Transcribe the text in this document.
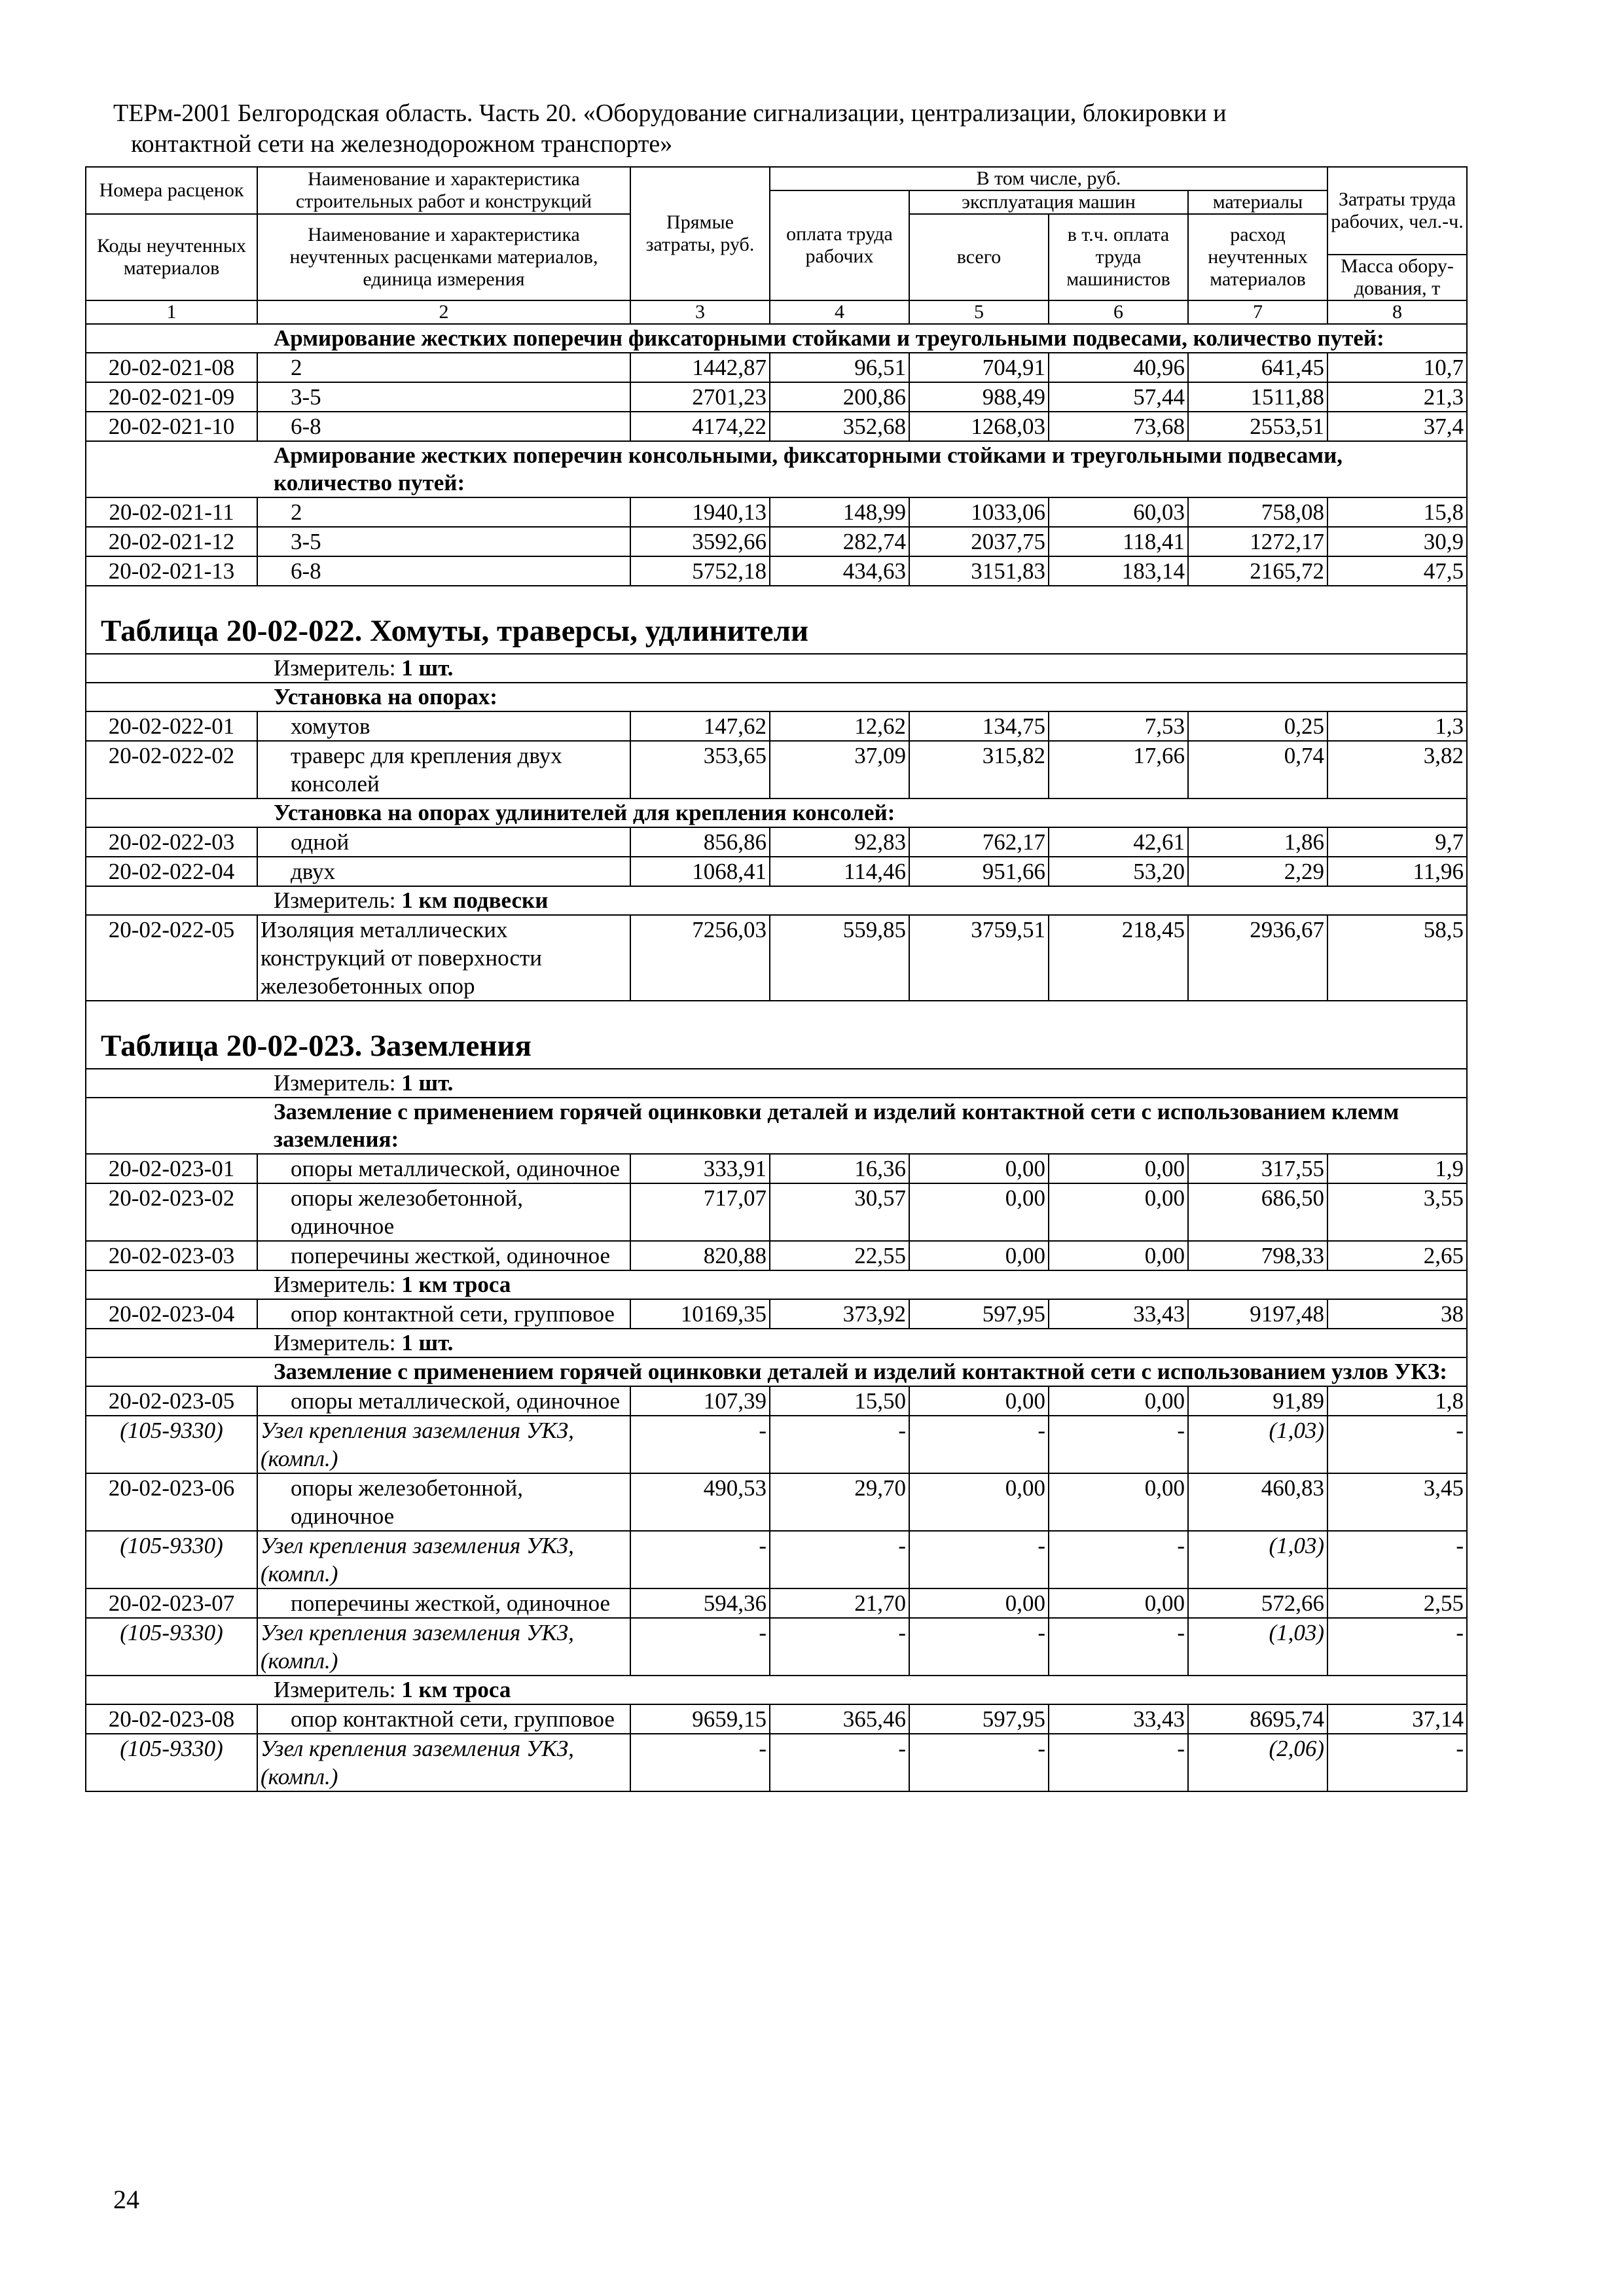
ТЕРм-2001 Белгородская область. Часть 20. «Оборудование сигнализации, централизации, блокировки и
контактной сети на железнодорожном транспорте»
Номера расценок	Наименование и характеристика строительных работ и конструкций	Прямые затраты, руб.	В том числе, руб.				Затраты труда рабочих, чел.-ч.
			оплата труда рабочих	эксплуатация машин		материалы	
Коды неучтенных материалов	Наименование и характеристика неучтенных расценками материалов, единица измерения			всего	в т.ч. оплата труда машинистов	расход неучтенных материалов	
							Масса обору-дования, т
1	2	3	4	5	6	7	8
Армирование жестких поперечин фиксаторными стойками и треугольными подвесами, количество путей:							
20-02-021-08	2	1442,87	96,51	704,91	40,96	641,45	10,7
20-02-021-09	3-5	2701,23	200,86	988,49	57,44	1511,88	21,3
20-02-021-10	6-8	4174,22	352,68	1268,03	73,68	2553,51	37,4
Армирование жестких поперечин консольными, фиксаторными стойками и треугольными подвесами, количество путей:							
20-02-021-11	2	1940,13	148,99	1033,06	60,03	758,08	15,8
20-02-021-12	3-5	3592,66	282,74	2037,75	118,41	1272,17	30,9
20-02-021-13	6-8	5752,18	434,63	3151,83	183,14	2165,72	47,5
Таблица 20-02-022. Хомуты, траверсы, удлинители							
Измеритель: 1 шт.							
Установка на опорах:							
20-02-022-01	хомутов	147,62	12,62	134,75	7,53	0,25	1,3
20-02-022-02	траверс для крепления двух консолей	353,65	37,09	315,82	17,66	0,74	3,82
Установка на опорах удлинителей для крепления консолей:							
20-02-022-03	одной	856,86	92,83	762,17	42,61	1,86	9,7
20-02-022-04	двух	1068,41	114,46	951,66	53,20	2,29	11,96
Измеритель: 1 км подвески							
20-02-022-05	Изоляция металлических конструкций от поверхности железобетонных опор	7256,03	559,85	3759,51	218,45	2936,67	58,5
Таблица 20-02-023. Заземления							
Измеритель: 1 шт.							
Заземление с применением горячей оцинковки деталей и изделий контактной сети с использованием клемм заземления:							
20-02-023-01	опоры металлической, одиночное	333,91	16,36	0,00	0,00	317,55	1,9
20-02-023-02	опоры железобетонной, одиночное	717,07	30,57	0,00	0,00	686,50	3,55
20-02-023-03	поперечины жесткой, одиночное	820,88	22,55	0,00	0,00	798,33	2,65
Измеритель: 1 км троса							
20-02-023-04	опор контактной сети, групповое	10169,35	373,92	597,95	33,43	9197,48	38
Измеритель: 1 шт.							
Заземление с применением горячей оцинковки деталей и изделий контактной сети с использованием узлов УКЗ:							
20-02-023-05	опоры металлической, одиночное	107,39	15,50	0,00	0,00	91,89	1,8
(105-9330)	Узел крепления заземления УКЗ, (компл.)	-	-	-	-	(1,03)	-
20-02-023-06	опоры железобетонной, одиночное	490,53	29,70	0,00	0,00	460,83	3,45
(105-9330)	Узел крепления заземления УКЗ, (компл.)	-	-	-	-	(1,03)	-
20-02-023-07	поперечины жесткой, одиночное	594,36	21,70	0,00	0,00	572,66	2,55
(105-9330)	Узел крепления заземления УКЗ, (компл.)	-	-	-	-	(1,03)	-
Измеритель: 1 км троса							
20-02-023-08	опор контактной сети, групповое	9659,15	365,46	597,95	33,43	8695,74	37,14
(105-9330)	Узел крепления заземления УКЗ, (компл.)	-	-	-	-	(2,06)	-
24
